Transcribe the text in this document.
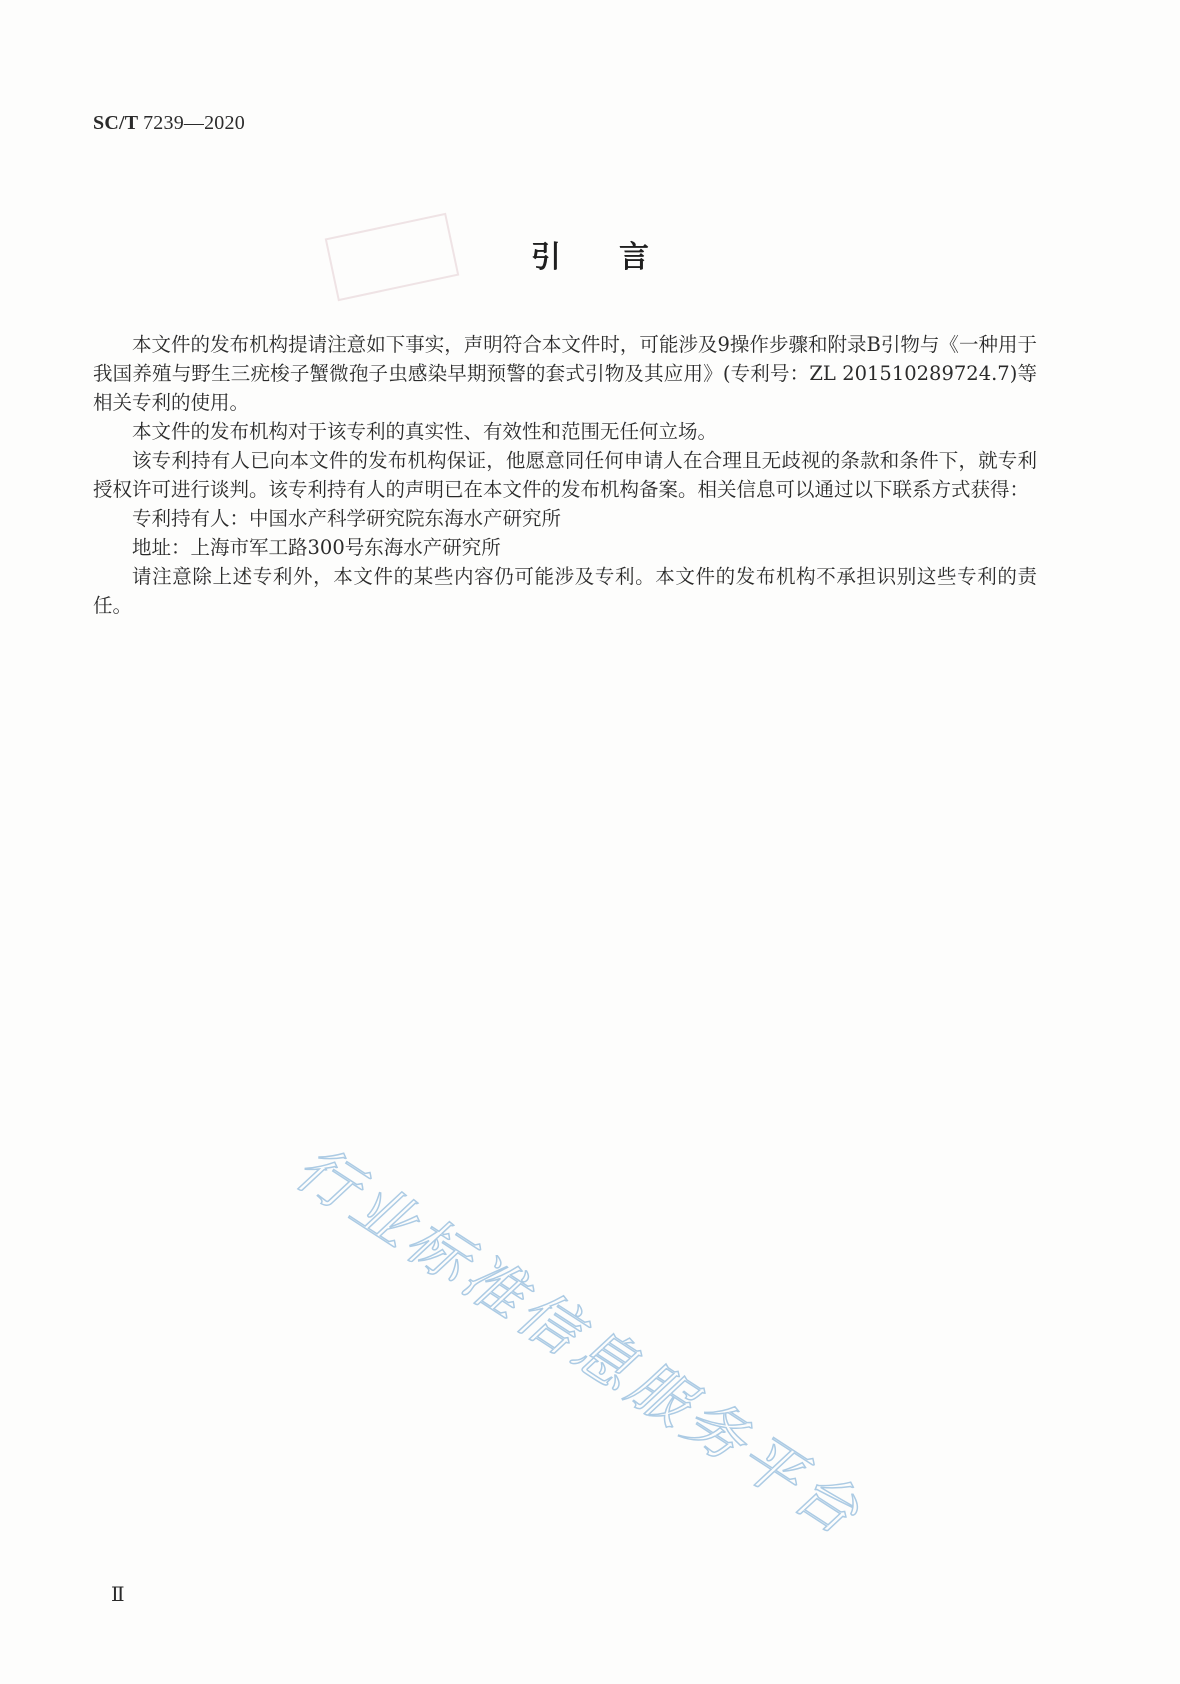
SC/T 7239—2020
引言

本文件的发布机构提请注意如下事实，声明符合本文件时，可能涉及9操作步骤和附录B引物与《一种用于我国养殖与野生三疣梭子蟹微孢子虫感染早期预警的套式引物及其应用》(专利号：ZL 201510289724.7)等相关专利的使用。

本文件的发布机构对于该专利的真实性、有效性和范围无任何立场。

该专利持有人已向本文件的发布机构保证，他愿意同任何申请人在合理且无歧视的条款和条件下，就专利授权许可进行谈判。该专利持有人的声明已在本文件的发布机构备案。相关信息可以通过以下联系方式获得：

专利持有人：中国水产科学研究院东海水产研究所

地址：上海市军工路300号东海水产研究所

请注意除上述专利外，本文件的某些内容仍可能涉及专利。本文件的发布机构不承担识别这些专利的责任。

行业标准信息服务平台
Ⅱ
